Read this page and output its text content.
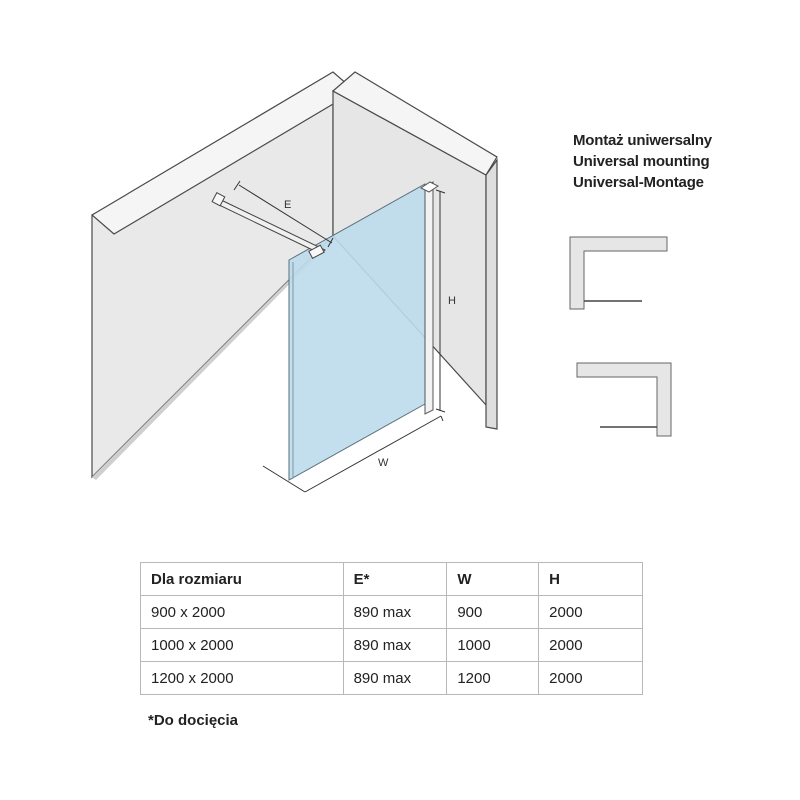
E
H
W
Montaż uniwersalny
Universal mounting
Universal-Montage
Dla rozmiaru	E*	W	H
900 x 2000	890 max	900	2000
1000 x 2000	890 max	1000	2000
1200 x 2000	890 max	1200	2000
*Do docięcia
